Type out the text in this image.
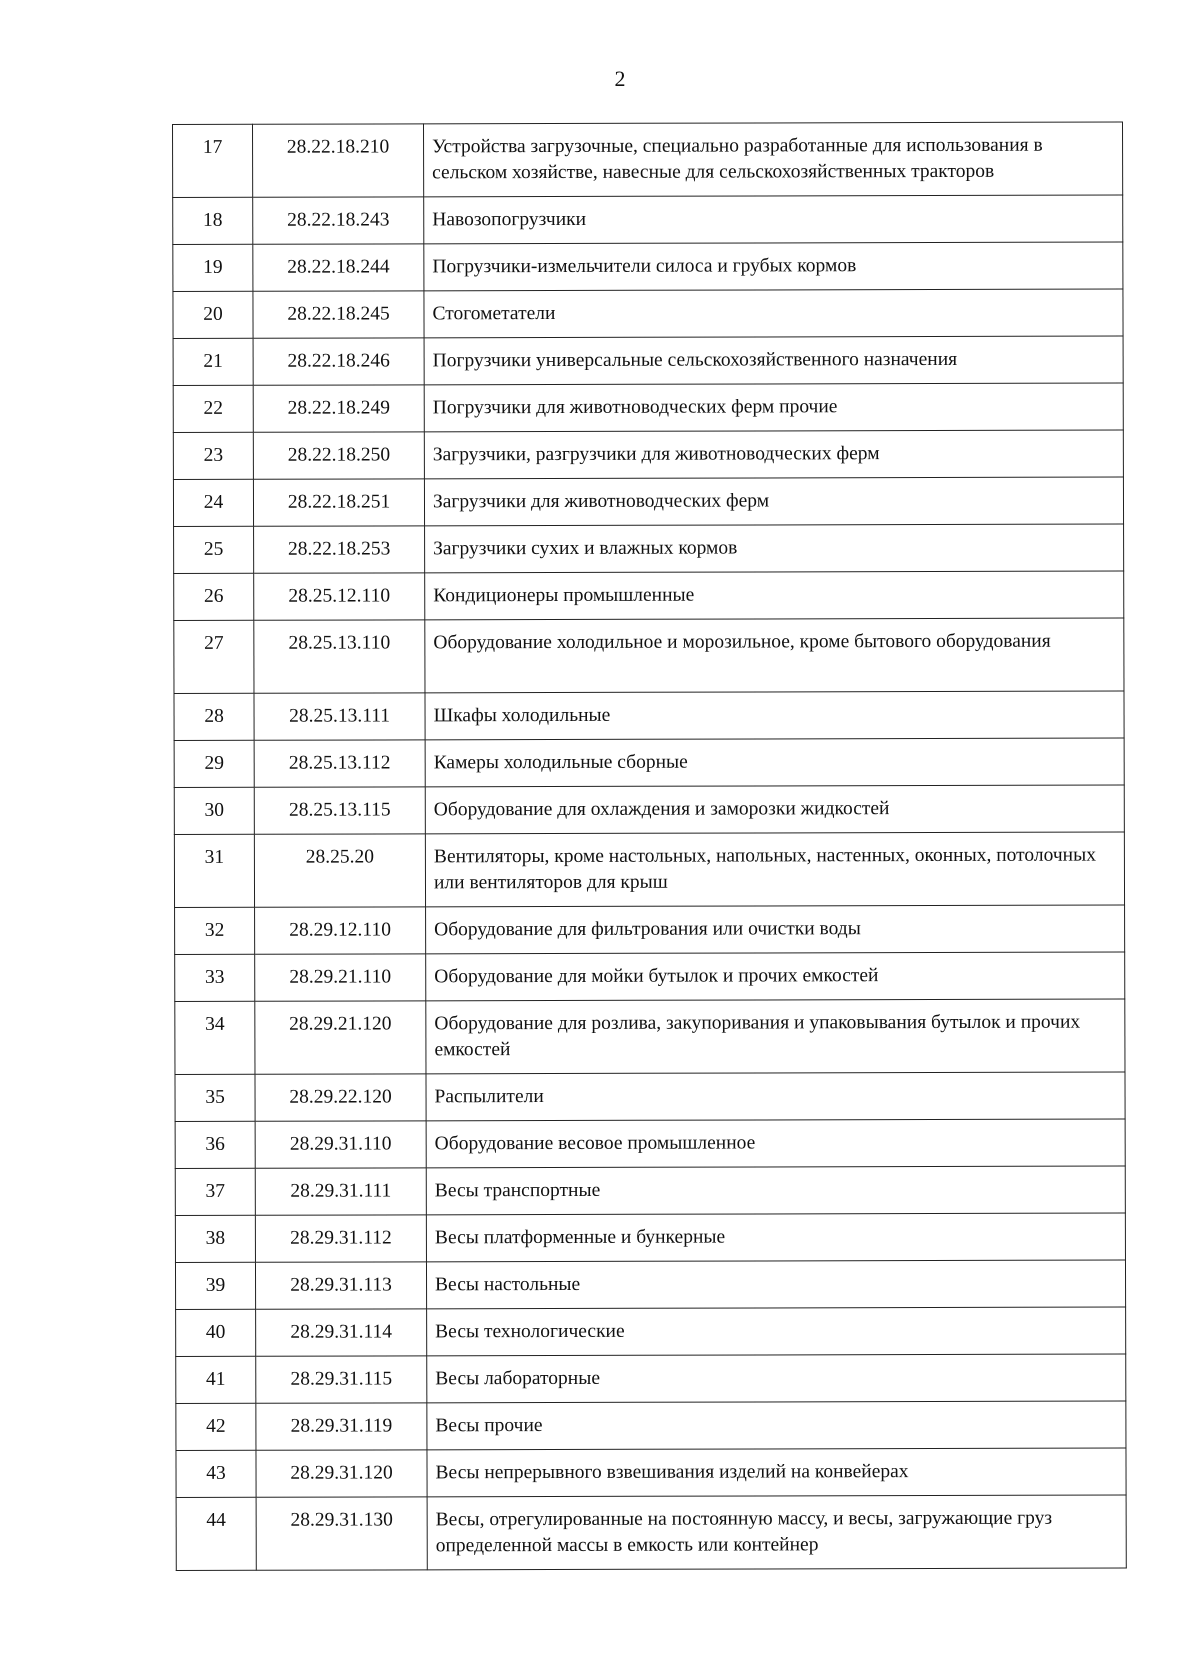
2
17	28.22.18.210	Устройства загрузочные, специально разработанные для использования в сельском хозяйстве, навесные для сельскохозяйственных тракторов
18	28.22.18.243	Навозопогрузчики
19	28.22.18.244	Погрузчики-измельчители силоса и грубых кормов
20	28.22.18.245	Стогометатели
21	28.22.18.246	Погрузчики универсальные сельскохозяйственного назначения
22	28.22.18.249	Погрузчики для животноводческих ферм прочие
23	28.22.18.250	Загрузчики, разгрузчики для животноводческих ферм
24	28.22.18.251	Загрузчики для животноводческих ферм
25	28.22.18.253	Загрузчики сухих и влажных кормов
26	28.25.12.110	Кондиционеры промышленные
27	28.25.13.110	Оборудование холодильное и морозильное, кроме бытового оборудования
28	28.25.13.111	Шкафы холодильные
29	28.25.13.112	Камеры холодильные сборные
30	28.25.13.115	Оборудование для охлаждения и заморозки жидкостей
31	28.25.20	Вентиляторы, кроме настольных, напольных, настенных, оконных, потолочных или вентиляторов для крыш
32	28.29.12.110	Оборудование для фильтрования или очистки воды
33	28.29.21.110	Оборудование для мойки бутылок и прочих емкостей
34	28.29.21.120	Оборудование для розлива, закупоривания и упаковывания бутылок и прочих емкостей
35	28.29.22.120	Распылители
36	28.29.31.110	Оборудование весовое промышленное
37	28.29.31.111	Весы транспортные
38	28.29.31.112	Весы платформенные и бункерные
39	28.29.31.113	Весы настольные
40	28.29.31.114	Весы технологические
41	28.29.31.115	Весы лабораторные
42	28.29.31.119	Весы прочие
43	28.29.31.120	Весы непрерывного взвешивания изделий на конвейерах
44	28.29.31.130	Весы, отрегулированные на постоянную массу, и весы, загружающие груз определенной массы в емкость или контейнер
